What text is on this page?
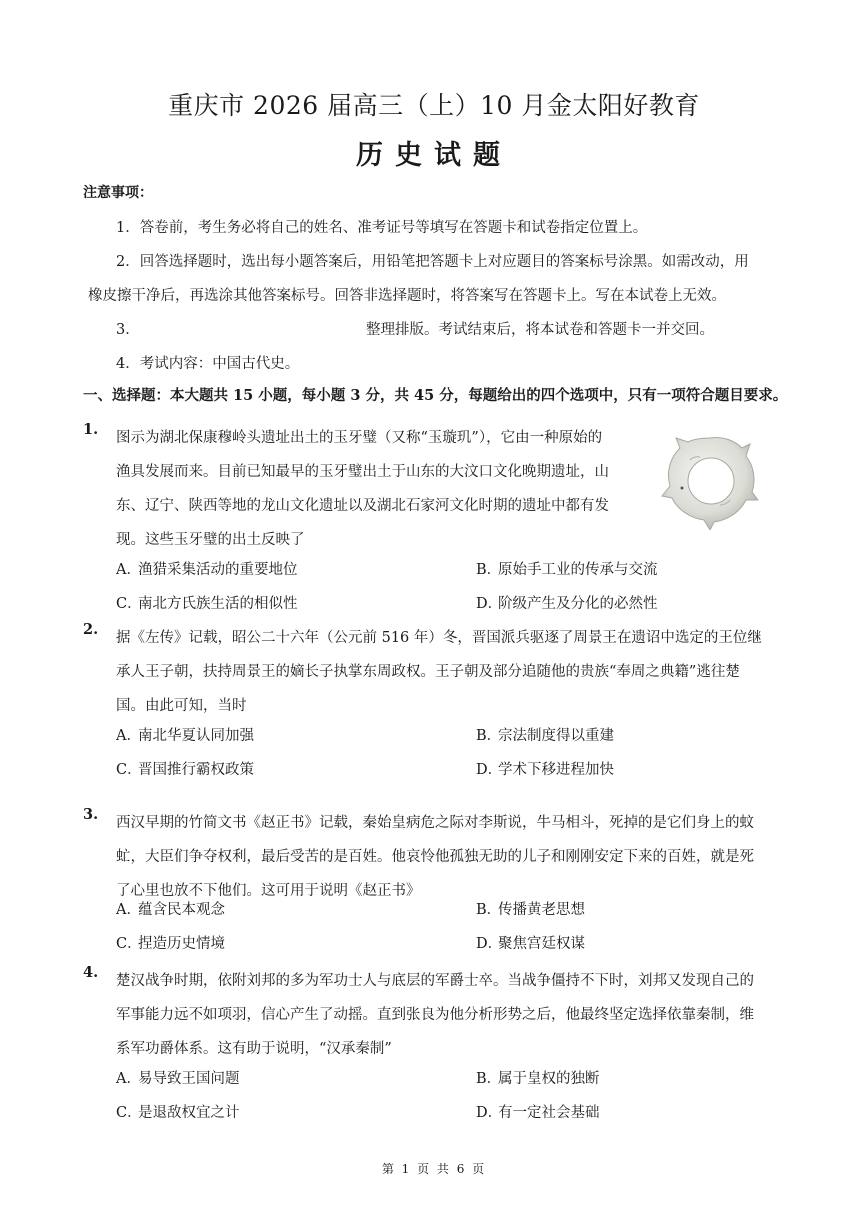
重庆市 2026 届高三（上）10 月金太阳好教育
历史试题
注意事项：
1．答卷前，考生务必将自己的姓名、准考证号等填写在答题卡和试卷指定位置上。
2．回答选择题时，选出每小题答案后，用铅笔把答题卡上对应题目的答案标号涂黑。如需改动，用
橡皮擦干净后，再选涂其他答案标号。回答非选择题时，将答案写在答题卡上。写在本试卷上无效。
3．	整理排版。考试结束后，将本试卷和答题卡一并交回。
4．考试内容：中国古代史。
一、选择题：本大题共 15 小题，每小题 3 分，共 45 分，每题给出的四个选项中，只有一项符合题目要求。
1. 图示为湖北保康穆岭头遗址出土的玉牙璧（又称“玉璇玑”），它由一种原始的

渔具发展而来。目前已知最早的玉牙璧出土于山东的大汶口文化晚期遗址，山

东、辽宁、陕西等地的龙山文化遗址以及湖北石家河文化时期的遗址中都有发

现。这些玉牙璧的出土反映了

A．渔猎采集活动的重要地位	B．原始手工业的传承与交流
C．南北方氏族生活的相似性	D．阶级产生及分化的必然性
2. 据《左传》记载，昭公二十六年（公元前 516 年）冬，晋国派兵驱逐了周景王在遗诏中选定的王位继

承人王子朝，扶持周景王的嫡长子执掌东周政权。王子朝及部分追随他的贵族“奉周之典籍”逃往楚

国。由此可知，当时

A．南北华夏认同加强	B．宗法制度得以重建
C．晋国推行霸权政策	D．学术下移进程加快
3. 西汉早期的竹简文书《赵正书》记载，秦始皇病危之际对李斯说，牛马相斗，死掉的是它们身上的蚊

虻，大臣们争夺权利，最后受苦的是百姓。他哀怜他孤独无助的儿子和刚刚安定下来的百姓，就是死

了心里也放不下他们。这可用于说明《赵正书》

A．蕴含民本观念	B．传播黄老思想
C．捏造历史情境	D．聚焦宫廷权谋
4. 楚汉战争时期，依附刘邦的多为军功士人与底层的军爵士卒。当战争僵持不下时，刘邦又发现自己的

军事能力远不如项羽，信心产生了动摇。直到张良为他分析形势之后，他最终坚定选择依靠秦制，维

系军功爵体系。这有助于说明，“汉承秦制”

A．易导致王国问题	B．属于皇权的独断
C．是退敌权宜之计	D．有一定社会基础
第 1 页 共 6 页
